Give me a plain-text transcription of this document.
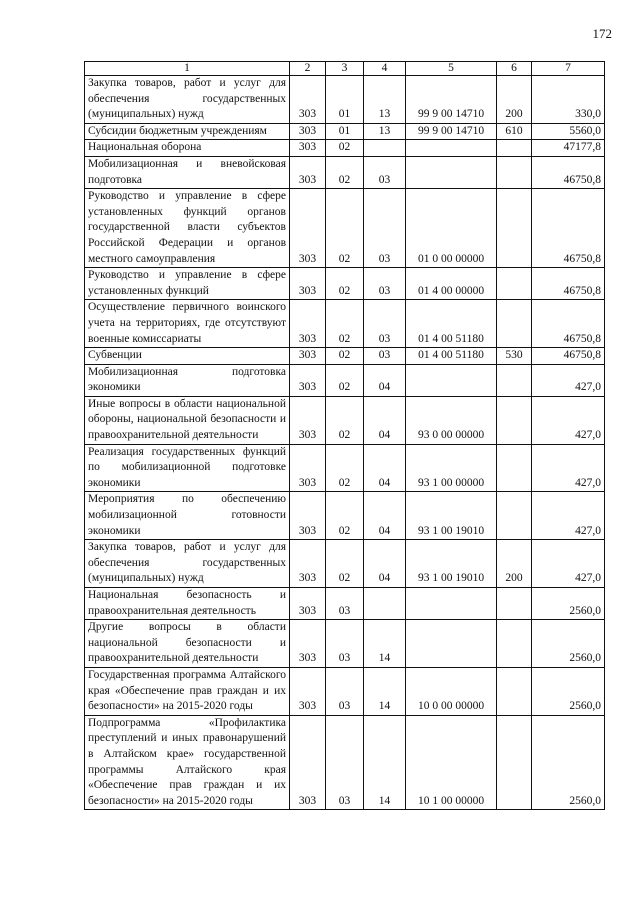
172
1	2	3	4	5	6	7
Закупка товаров, работ и услуг для обеспечения государственных (муниципальных) нужд	303	01	13	99 9 00 14710	200	330,0
Субсидии бюджетным учреждениям	303	01	13	99 9 00 14710	610	5560,0
Национальная оборона	303	02				47177,8
Мобилизационная и вневойсковая подготовка	303	02	03			46750,8
Руководство и управление в сфере установленных функций органов государственной власти субъектов Российской Федерации и органов местного самоуправления	303	02	03	01 0 00 00000		46750,8
Руководство и управление в сфере установленных функций	303	02	03	01 4 00 00000		46750,8
Осуществление первичного воинского учета на территориях, где отсутствуют военные комиссариаты	303	02	03	01 4 00 51180		46750,8
Субвенции	303	02	03	01 4 00 51180	530	46750,8
Мобилизационная подготовка экономики	303	02	04			427,0
Иные вопросы в области национальной обороны, национальной безопасности и правоохранительной деятельности	303	02	04	93 0 00 00000		427,0
Реализация государственных функций по мобилизационной подготовке экономики	303	02	04	93 1 00 00000		427,0
Мероприятия по обеспечению мобилизационной готовности экономики	303	02	04	93 1 00 19010		427,0
Закупка товаров, работ и услуг для обеспечения государственных (муниципальных) нужд	303	02	04	93 1 00 19010	200	427,0
Национальная безопасность и правоохранительная деятельность	303	03				2560,0
Другие вопросы в области национальной безопасности и правоохранительной деятельности	303	03	14			2560,0
Государственная программа Алтайского края «Обеспечение прав граждан и их безопасности» на 2015-2020 годы	303	03	14	10 0 00 00000		2560,0
Подпрограмма «Профилактика преступлений и иных правонарушений в Алтайском крае» государственной программы Алтайского края «Обеспечение прав граждан и их безопасности» на 2015-2020 годы	303	03	14	10 1 00 00000		2560,0
